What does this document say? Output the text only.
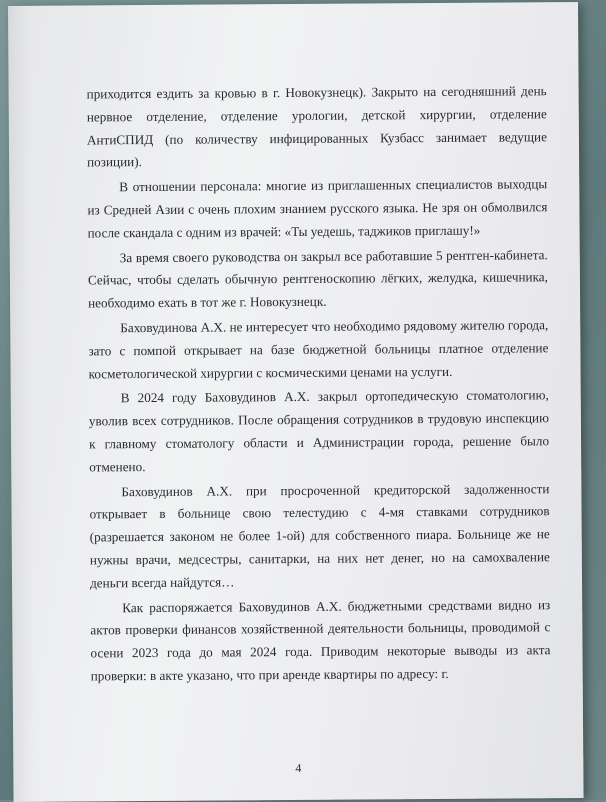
приходится ездить за кровью в г. Новокузнецк). Закрыто на сегодняшний день нервное отделение, отделение урологии, детской хирургии, отделение АнтиСПИД (по количеству инфицированных Кузбасс занимает ведущие позиции).

В отношении персонала: многие из приглашенных специалистов выходцы из Средней Азии с очень плохим знанием русского языка. Не зря он обмолвился после скандала с одним из врачей: «Ты уедешь, таджиков приглашу!»

За время своего руководства он закрыл все работавшие 5 рентген-кабинета. Сейчас, чтобы сделать обычную рентгеноскопию лёгких, желудка, кишечника, необходимо ехать в тот же г. Новокузнецк.

Баховудинова А.Х. не интересует что необходимо рядовому жителю города, зато с помпой открывает на базе бюджетной больницы платное отделение косметологической хирургии с космическими ценами на услуги.

В 2024 году Баховудинов А.Х. закрыл ортопедическую стоматологию, уволив всех сотрудников. После обращения сотрудников в трудовую инспекцию к главному стоматологу области и Администрации города, решение было отменено.

Баховудинов А.Х. при просроченной кредиторской задолженности открывает в больнице свою телестудию с 4-мя ставками сотрудников (разрешается законом не более 1-ой) для собственного пиара. Больнице же не нужны врачи, медсестры, санитарки, на них нет денег, но на самохвалeние деньги всегда найдутся…

Как распоряжается Баховудинов А.Х. бюджетными средствами видно из актов проверки финансов хозяйственной деятельности больницы, проводимой с осени 2023 года до мая 2024 года. Приводим некоторые выводы из акта проверки: в акте указано, что при аренде квартиры по адресу: г.

4
